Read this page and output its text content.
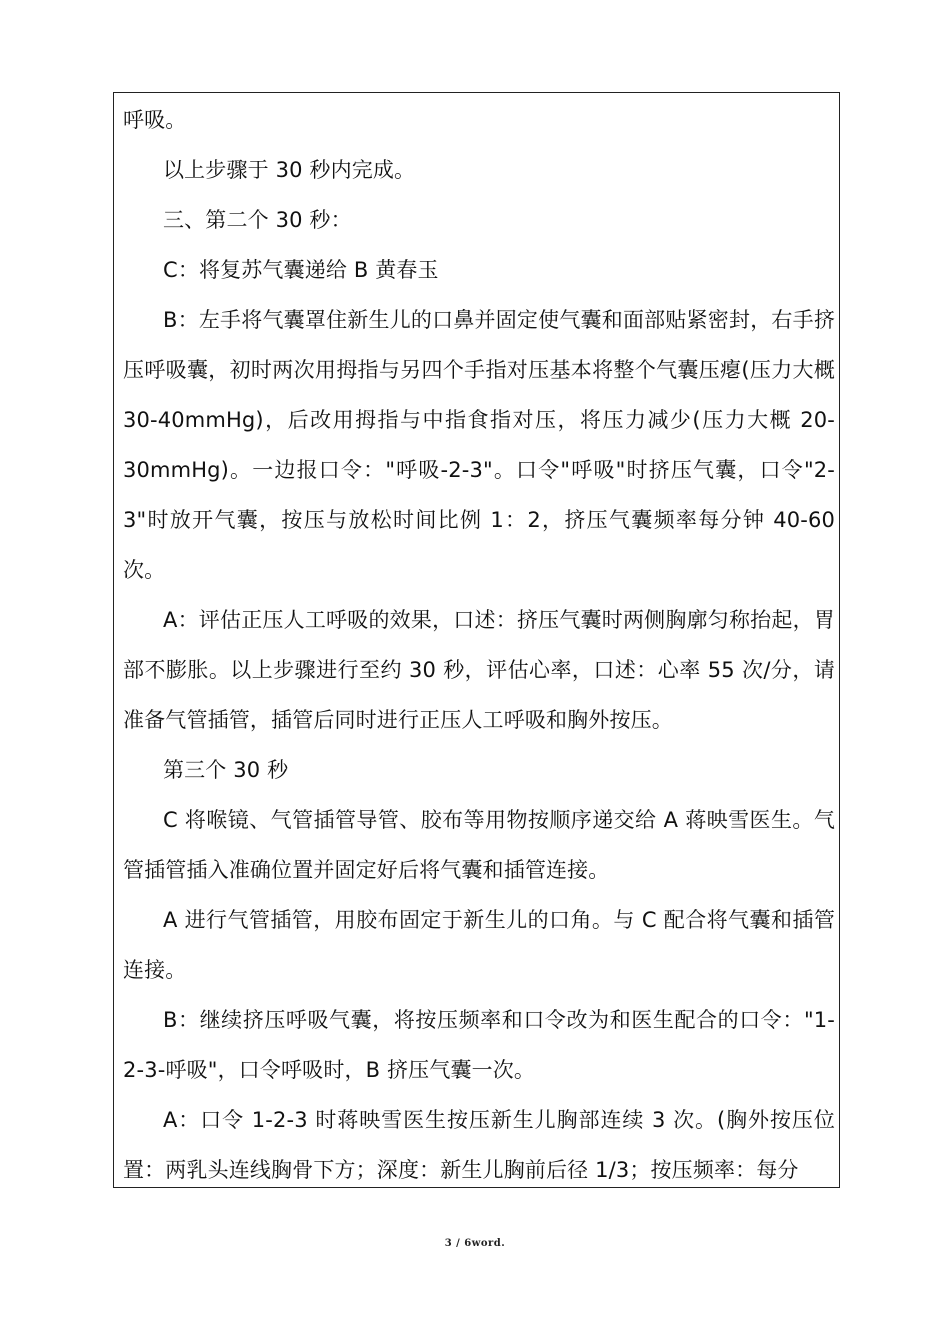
呼吸。

以上步骤于 30 秒内完成。

三、第二个 30 秒：

C：将复苏气囊递给 B 黄春玉

B：左手将气囊罩住新生儿的口鼻并固定使气囊和面部贴紧密封，右手挤压呼吸囊，初时两次用拇指与另四个手指对压基本将整个气囊压瘪(压力大概 30-40mmHg)，后改用拇指与中指食指对压，将压力减少(压力大概 20-30mmHg)。一边报口令："呼吸-2-3"。口令"呼吸"时挤压气囊，口令"2-3"时放开气囊，按压与放松时间比例 1：2，挤压气囊频率每分钟 40-60 次。

A：评估正压人工呼吸的效果，口述：挤压气囊时两侧胸廓匀称抬起，胃部不膨胀。以上步骤进行至约 30 秒，评估心率，口述：心率 55 次/分，请准备气管插管，插管后同时进行正压人工呼吸和胸外按压。

第三个 30 秒

C 将喉镜、气管插管导管、胶布等用物按顺序递交给 A 蒋映雪医生。气管插管插入准确位置并固定好后将气囊和插管连接。

A 进行气管插管，用胶布固定于新生儿的口角。与 C 配合将气囊和插管连接。

B：继续挤压呼吸气囊，将按压频率和口令改为和医生配合的口令："1-2-3-呼吸"，口令呼吸时，B 挤压气囊一次。

A：口令 1-2-3 时蒋映雪医生按压新生儿胸部连续 3 次。(胸外按压位置：两乳头连线胸骨下方；深度：新生儿胸前后径 1/3；按压频率：每分

3 / 6word.
